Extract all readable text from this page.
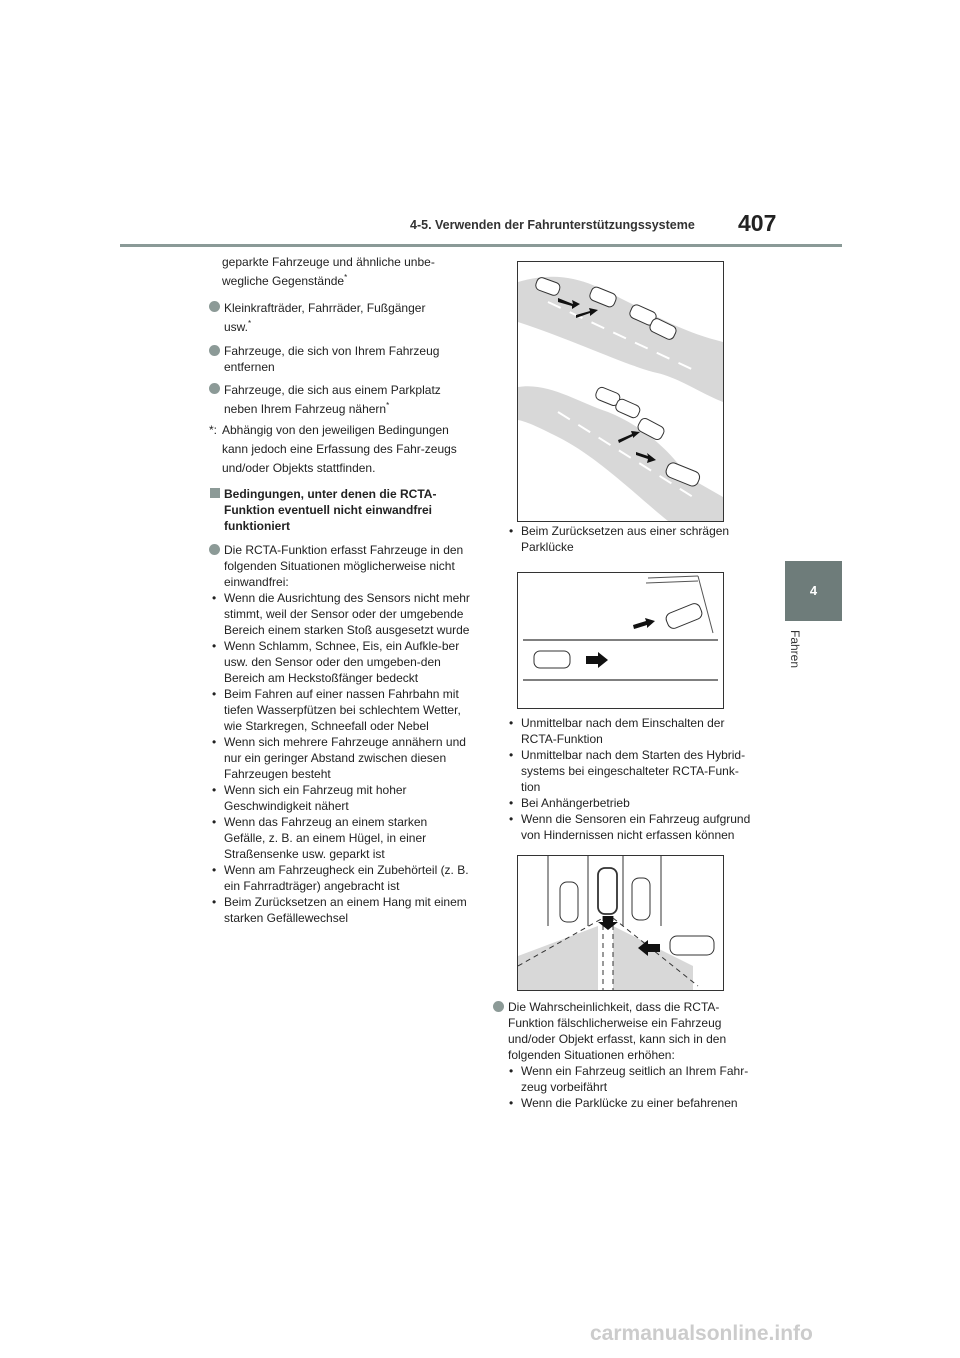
4-5. Verwenden der Fahrunterstützungssysteme 407
4
Fahren

geparkte Fahrzeuge und ähnliche unbe-
wegliche Gegenstände*

Kleinkrafträder, Fahrräder, Fußgänger
usw.*

Fahrzeuge, die sich von Ihrem Fahrzeug entfernen

Fahrzeuge, die sich aus einem Parkplatz
neben Ihrem Fahrzeug nähern*

*: Abhängig von den jeweiligen Bedingungen kann jedoch eine Erfassung des Fahr-zeugs und/oder Objekts stattfinden.

Bedingungen, unter denen die RCTA-Funktion eventuell nicht einwandfrei funktioniert

Die RCTA-Funktion erfasst Fahrzeuge in den folgenden Situationen möglicherweise nicht einwandfrei:

• Wenn die Ausrichtung des Sensors nicht mehr stimmt, weil der Sensor oder der umgebende Bereich einem starken Stoß ausgesetzt wurde

• Wenn Schlamm, Schnee, Eis, ein Aufkle-ber usw. den Sensor oder den umgeben-den Bereich am Heckstoßfänger bedeckt

• Beim Fahren auf einer nassen Fahrbahn mit tiefen Wasserpfützen bei schlechtem Wetter, wie Starkregen, Schneefall oder Nebel

• Wenn sich mehrere Fahrzeuge annähern und nur ein geringer Abstand zwischen diesen Fahrzeugen besteht

• Wenn sich ein Fahrzeug mit hoher Geschwindigkeit nähert

• Wenn das Fahrzeug an einem starken Gefälle, z. B. an einem Hügel, in einer Straßensenke usw. geparkt ist

• Wenn am Fahrzeugheck ein Zubehörteil (z. B. ein Fahrradträger) angebracht ist

• Beim Zurücksetzen an einem Hang mit einem starken Gefällewechsel

• Beim Zurücksetzen aus einer schrägen Parklücke

• Unmittelbar nach dem Einschalten der RCTA-Funktion

• Unmittelbar nach dem Starten des Hybrid-systems bei eingeschalteter RCTA-Funk-tion

• Bei Anhängerbetrieb

• Wenn die Sensoren ein Fahrzeug aufgrund von Hindernissen nicht erfassen können

Die Wahrscheinlichkeit, dass die RCTA-Funktion fälschlicherweise ein Fahrzeug und/oder Objekt erfasst, kann sich in den folgenden Situationen erhöhen:

• Wenn ein Fahrzeug seitlich an Ihrem Fahr-zeug vorbeifährt

• Wenn die Parklücke zu einer befahrenen

carmanualsonline.info
